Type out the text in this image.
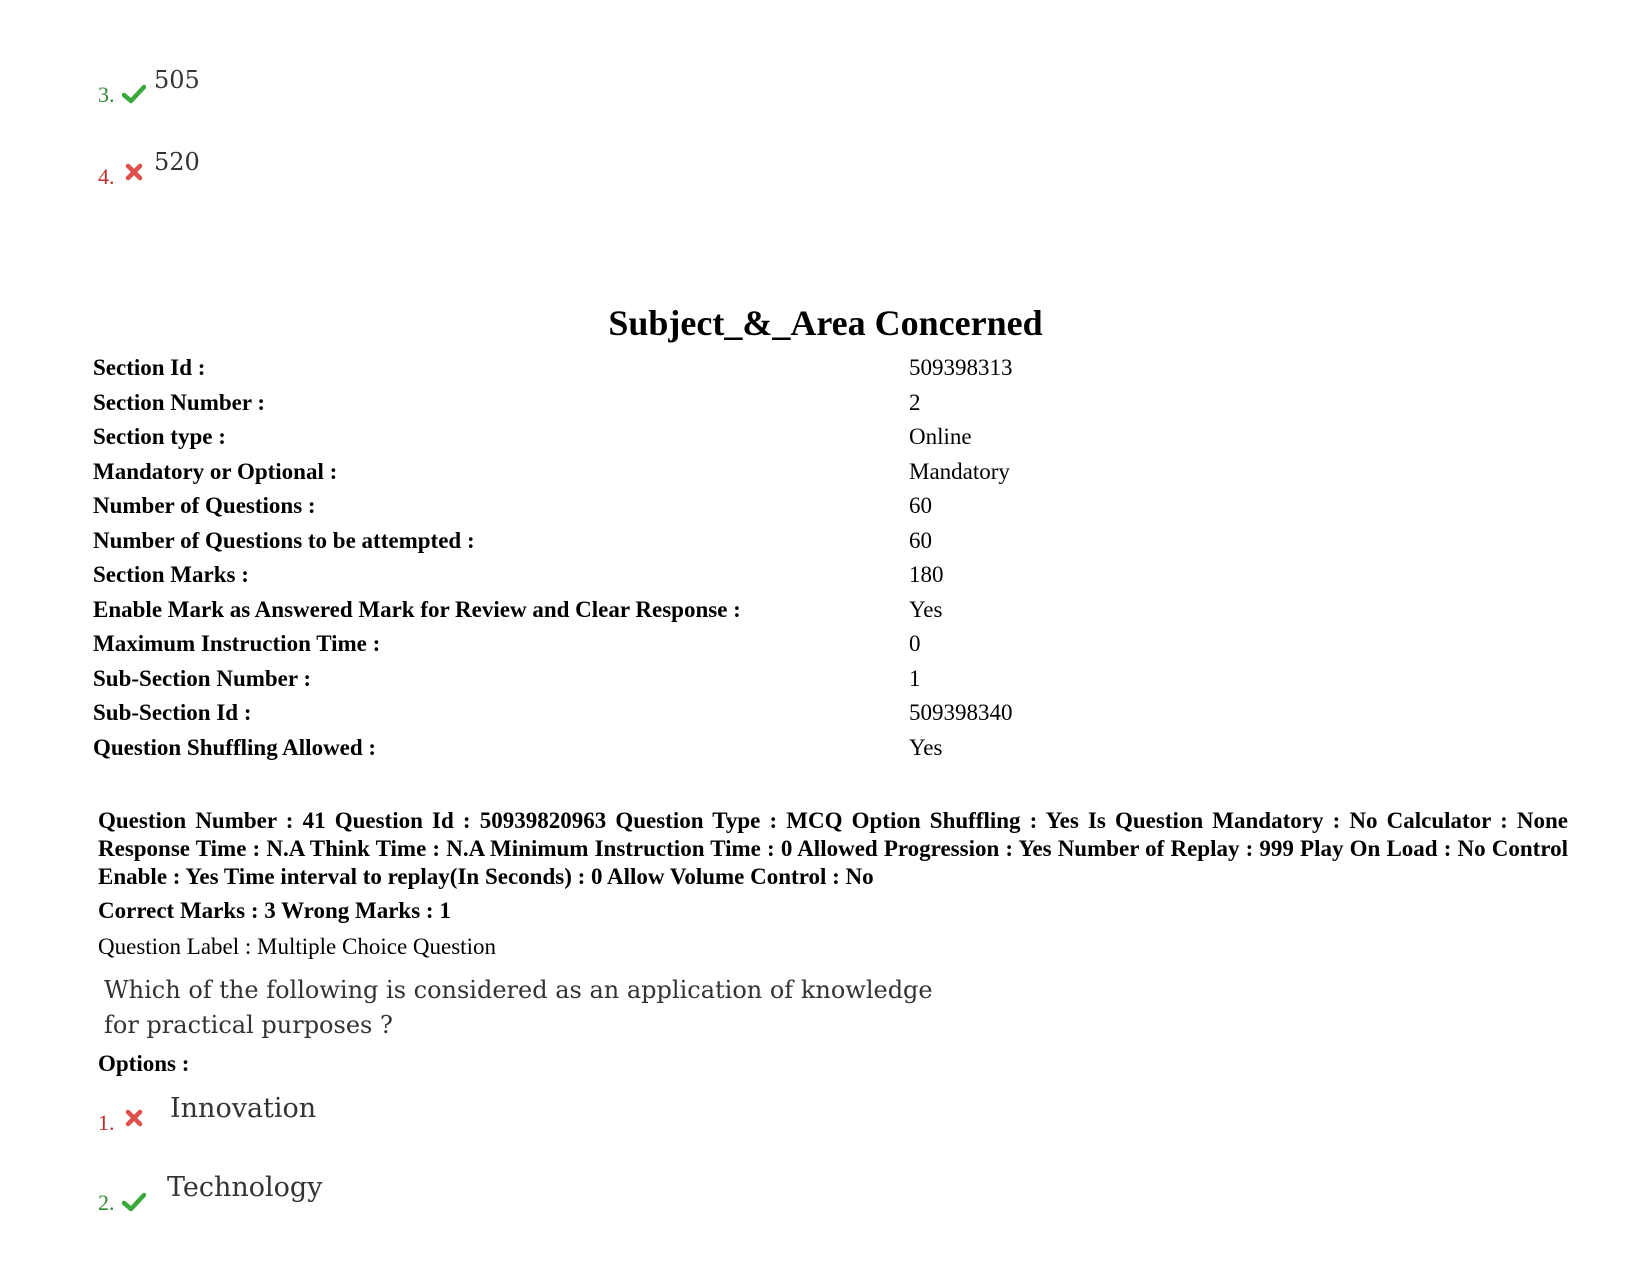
3.
505
4.
520
Subject_&_Area Concerned
Section Id :	509398313
Section Number :	2
Section type :	Online
Mandatory or Optional :	Mandatory
Number of Questions :	60
Number of Questions to be attempted :	60
Section Marks :	180
Enable Mark as Answered Mark for Review and Clear Response :	Yes
Maximum Instruction Time :	0
Sub-Section Number :	1
Sub-Section Id :	509398340
Question Shuffling Allowed :	Yes
Question Number : 41 Question Id : 50939820963 Question Type : MCQ Option Shuffling : Yes Is Question Mandatory : No Calculator : None Response Time : N.A Think Time : N.A Minimum Instruction Time : 0 Allowed Progression : Yes Number of Replay : 999 Play On Load : No Control Enable : Yes Time interval to replay(In Seconds) : 0 Allow Volume Control : No
Correct Marks : 3 Wrong Marks : 1
Question Label : Multiple Choice Question
Which of the following is considered as an application of knowledge
for practical purposes ?
Options :
1. Innovation
2. Technology
